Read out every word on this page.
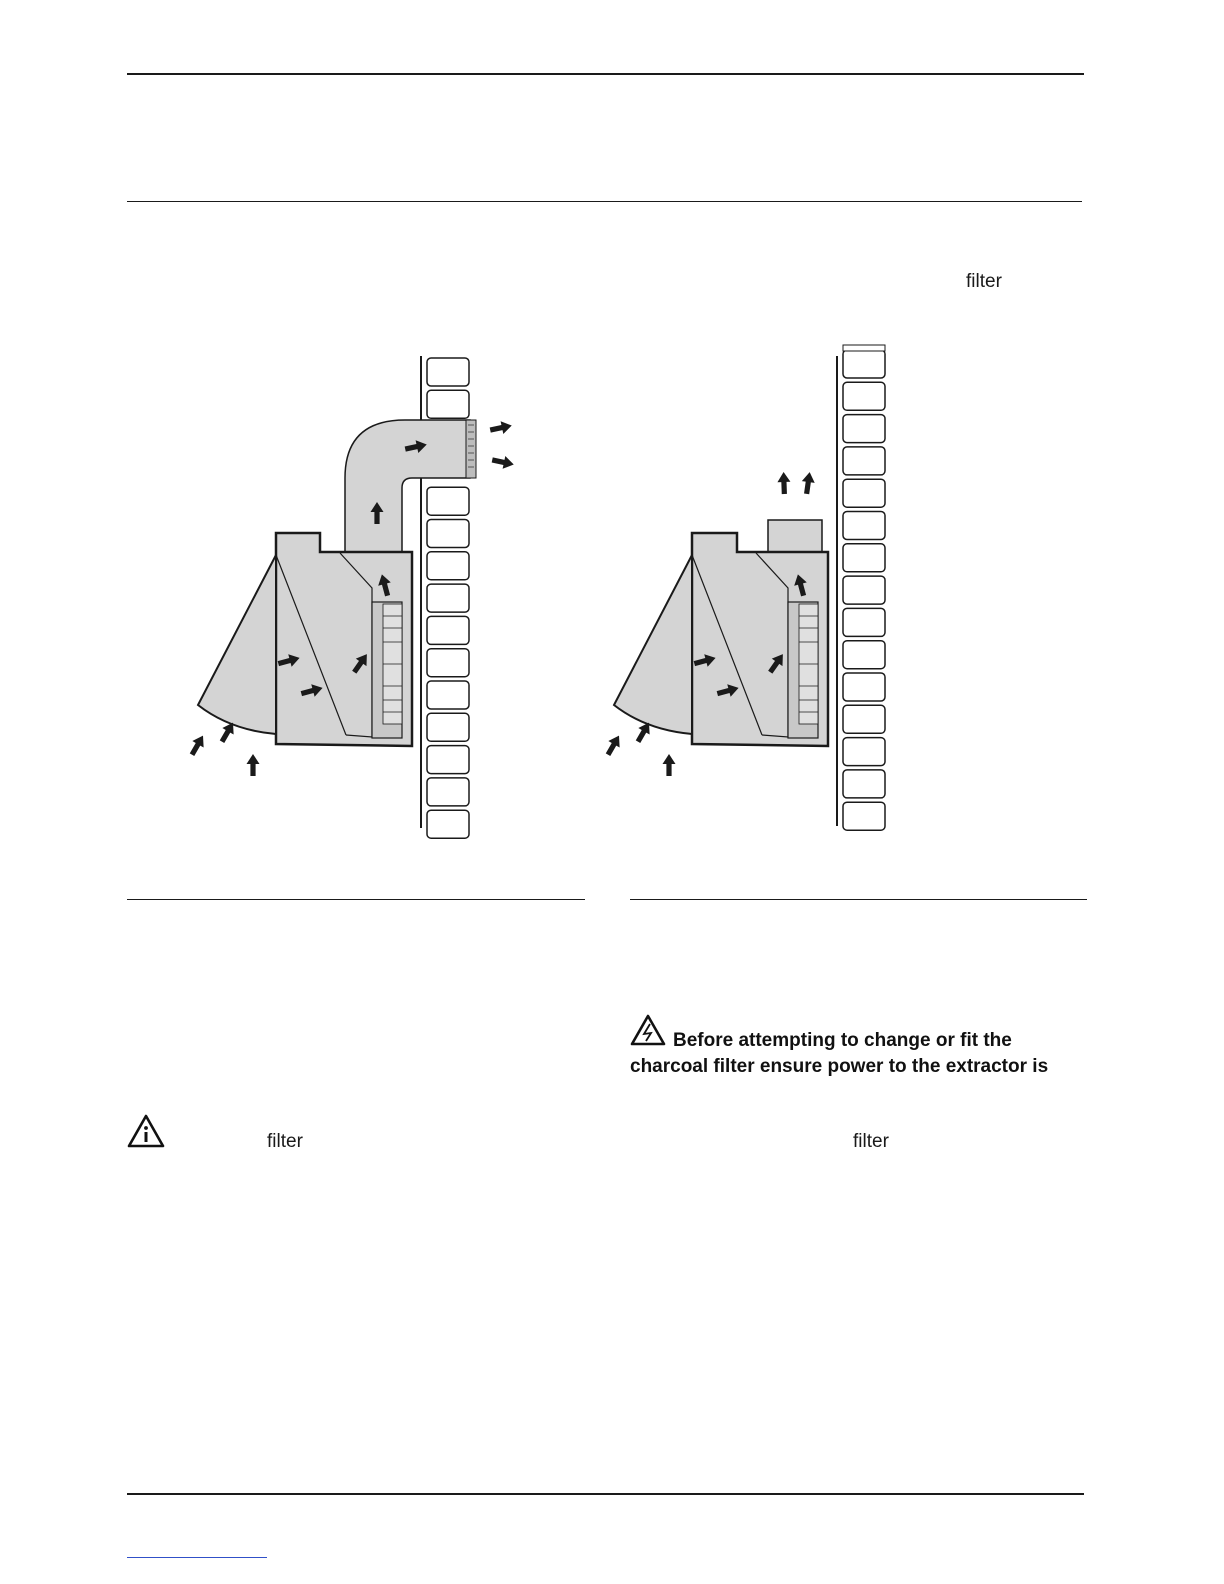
filter
Before attempting to change or fit the
charcoal filter ensure power to the extractor is
filter	filter
